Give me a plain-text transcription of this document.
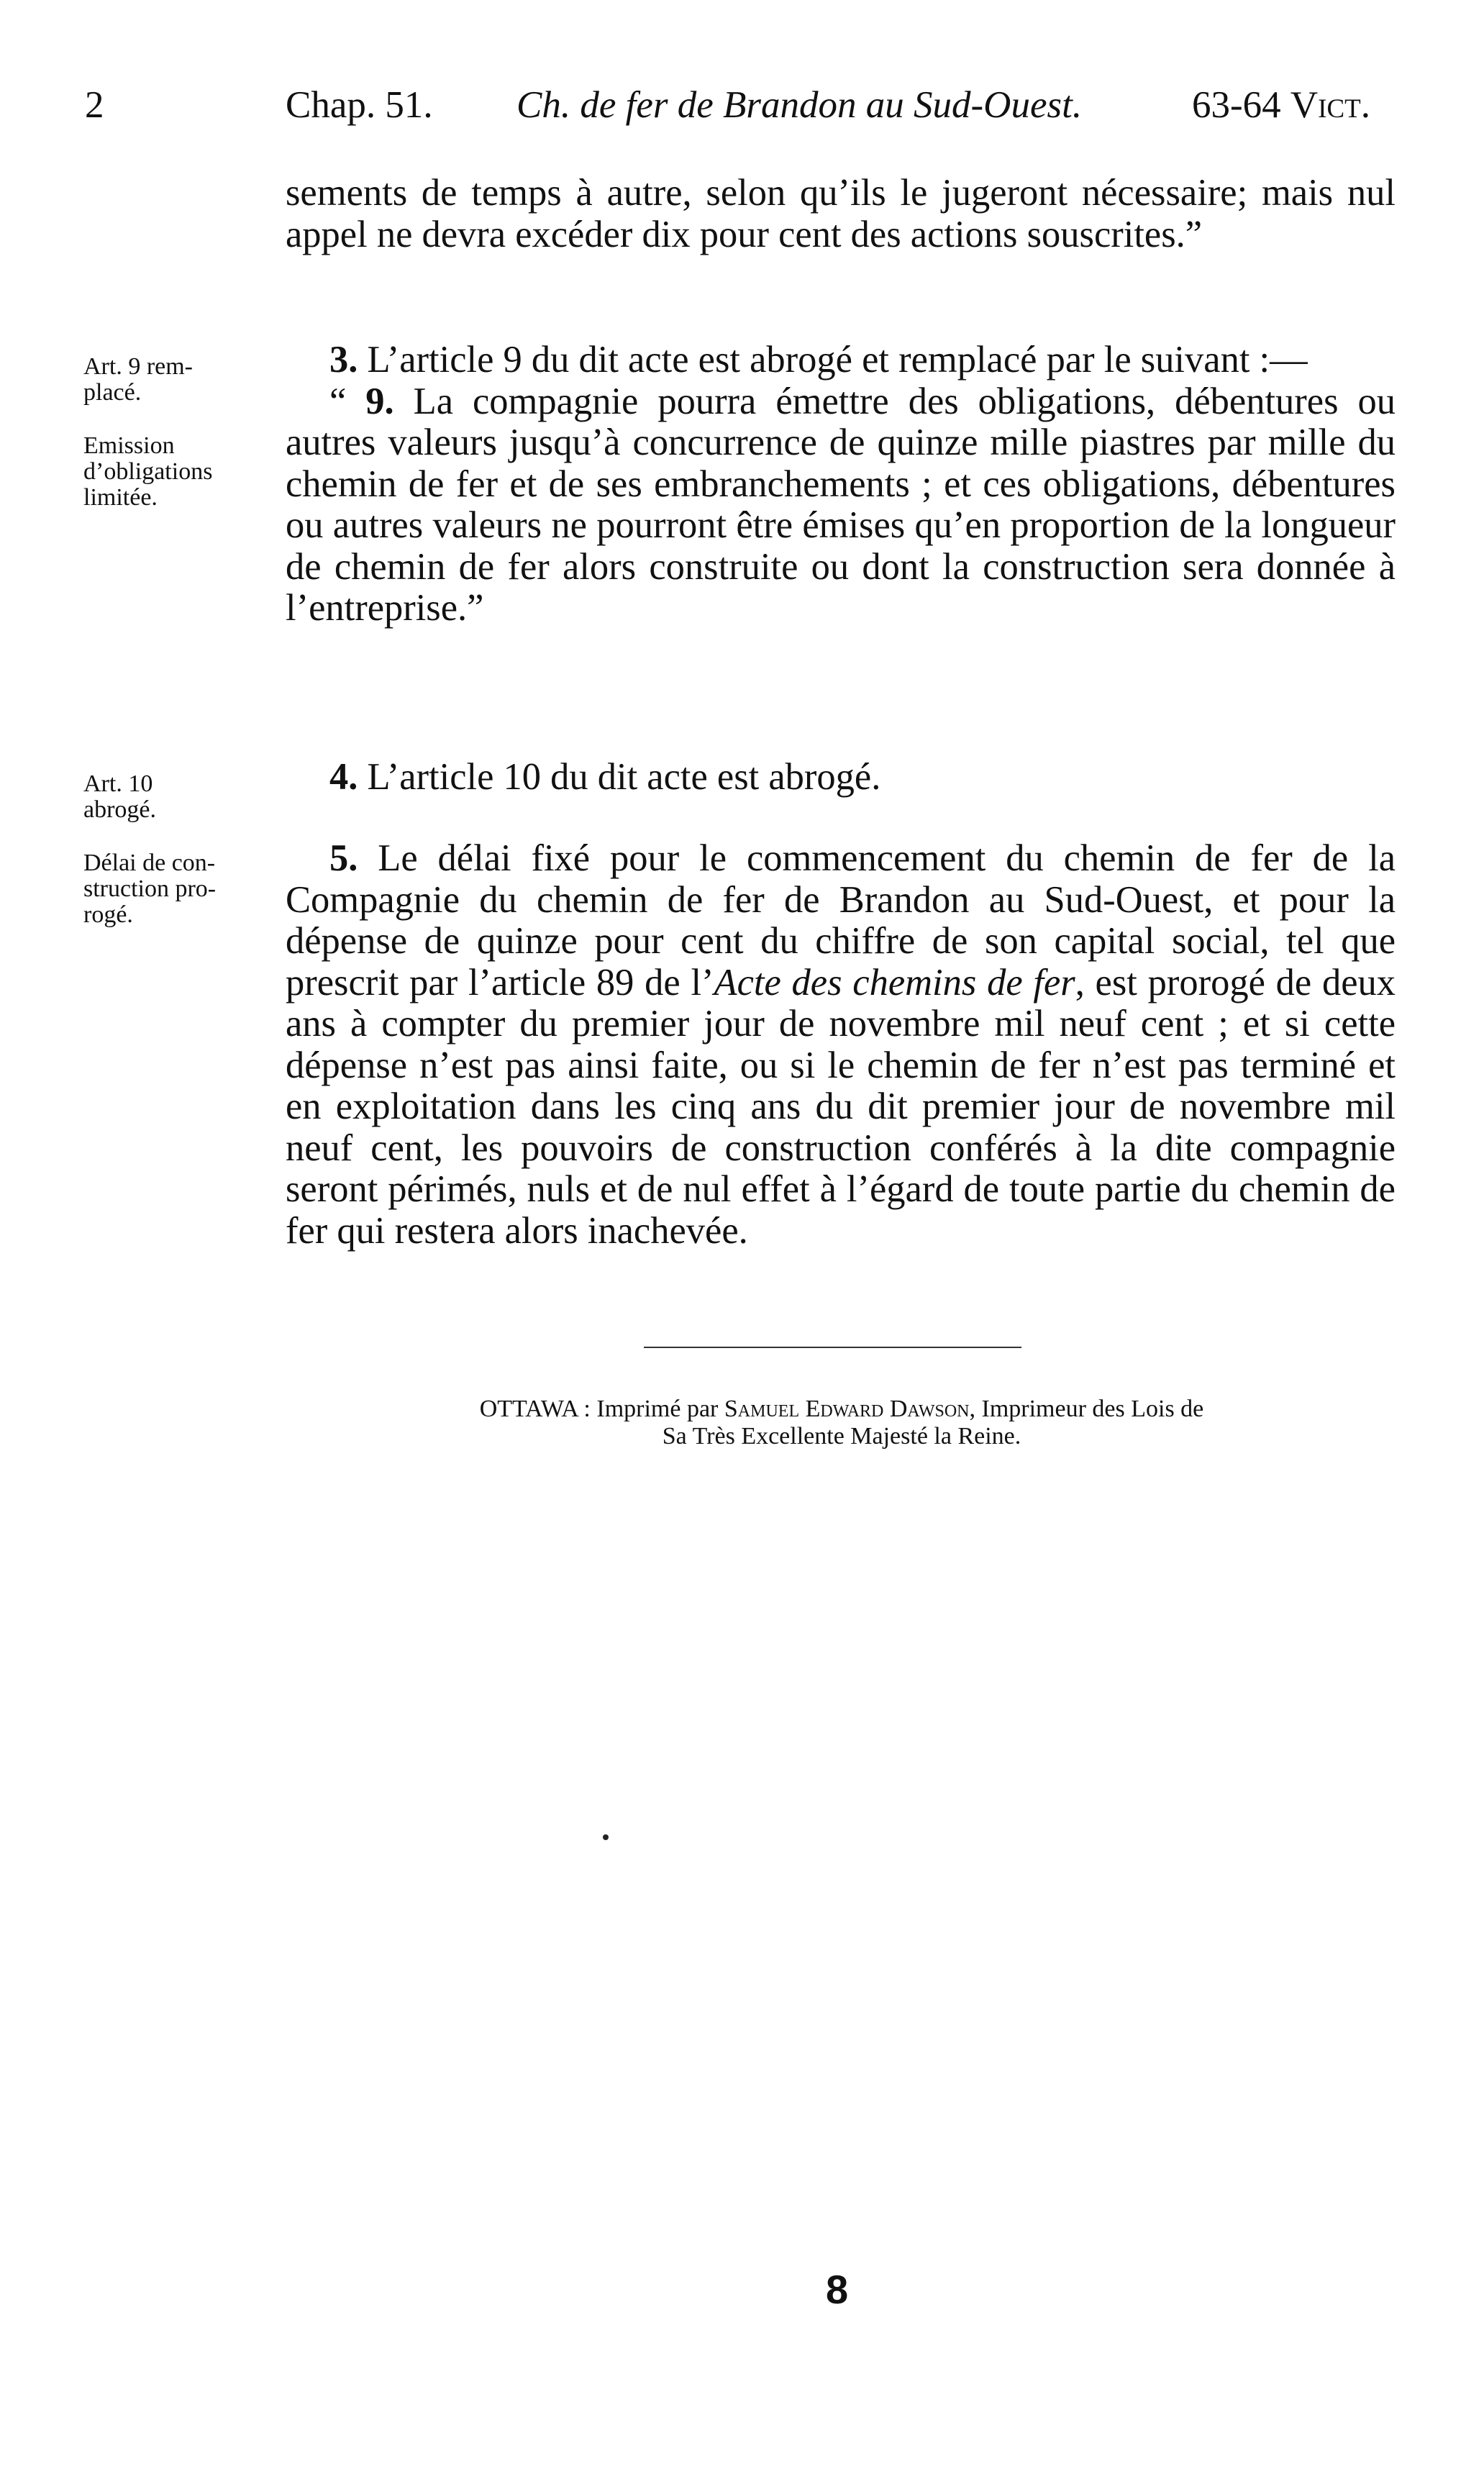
2	Chap. 51. Ch. de fer de Brandon au Sud-Ouest.	63-64 Vict.

Art. 9 rem-

placé.

Emission

d’obligations

limitée.

Art. 10

abrogé.

Délai de con-

struction pro-

rogé.

sements de temps à autre, selon qu’ils le jugeront nécessaire; mais nul appel ne devra excéder dix pour cent des actions souscrites.”

3. L’article 9 du dit acte est abrogé et remplacé par le suivant :—

“ 9. La compagnie pourra émettre des obligations, débentures ou autres valeurs jusqu’à concurrence de quinze mille piastres par mille du chemin de fer et de ses embranchements ; et ces obligations, débentures ou autres valeurs ne pourront être émises qu’en proportion de la longueur de chemin de fer alors construite ou dont la construction sera donnée à l’entreprise.”

4. L’article 10 du dit acte est abrogé.

5. Le délai fixé pour le commencement du chemin de fer de la Compagnie du chemin de fer de Brandon au Sud-Ouest, et pour la dépense de quinze pour cent du chiffre de son capital social, tel que prescrit par l’article 89 de l’Acte des chemins de fer, est prorogé de deux ans à compter du premier jour de novembre mil neuf cent ; et si cette dépense n’est pas ainsi faite, ou si le chemin de fer n’est pas terminé et en exploitation dans les cinq ans du dit premier jour de novembre mil neuf cent, les pouvoirs de construction conférés à la dite compagnie seront périmés, nuls et de nul effet à l’égard de toute partie du chemin de fer qui restera alors inachevée.

OTTAWA : Imprimé par Samuel Edward Dawson, Imprimeur des Lois de

Sa Très Excellente Majesté la Reine.

8
